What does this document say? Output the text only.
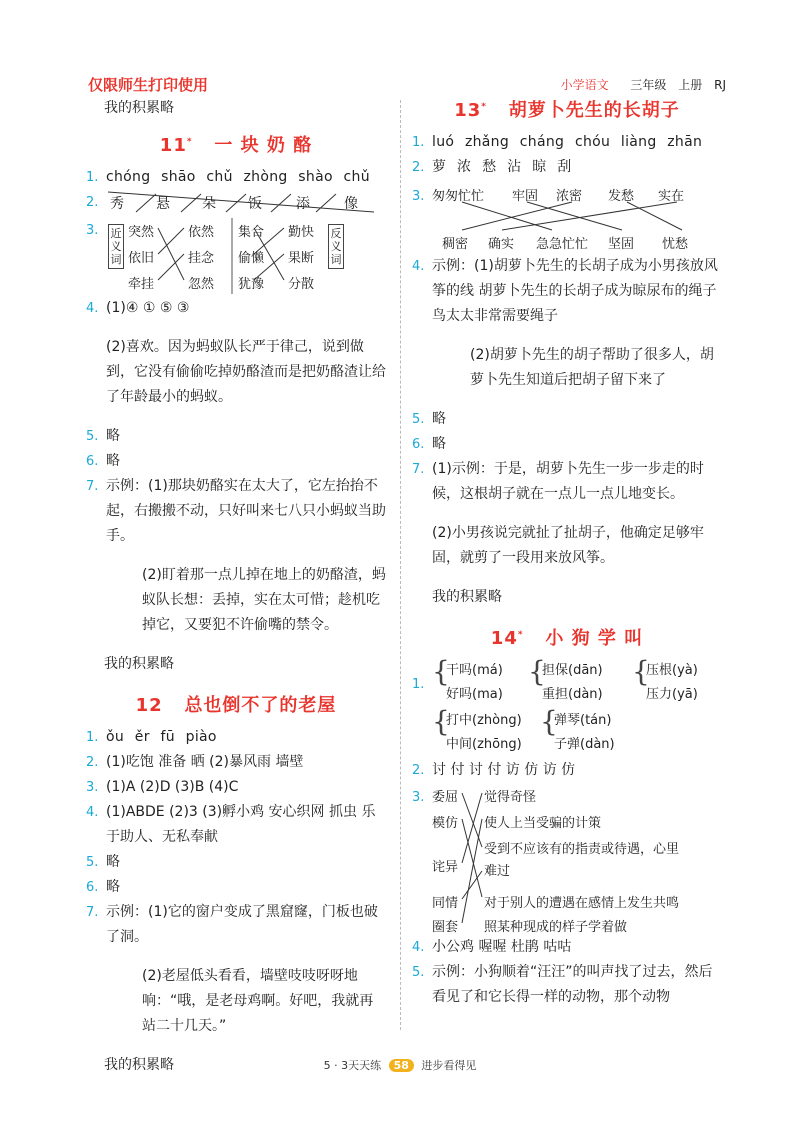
仅限师生打印使用	小学语文 三年级 上册 RJ
我的积累略
11* 一 块 奶 酪

1. chóng shāo chǔ zhòng shào chǔ

2. 秀 悬 朵 饭 添 像
3. 近义词
反义词
突然
依旧
牵挂
依然
挂念
忽然
集合
偷懒
犹豫
勤快
果断
分散

4. (1)④ ① ⑤ ③

(2)喜欢。因为蚂蚁队长严于律己，说到做到，它没有偷偷吃掉奶酪渣而是把奶酪渣让给了年龄最小的蚂蚁。

5. 略

6. 略

7. 示例：(1)那块奶酪实在太大了，它左抬抬不起，右搬搬不动，只好叫来七八只小蚂蚁当助手。

(2)盯着那一点儿掉在地上的奶酪渣，蚂蚁队长想：丢掉，实在太可惜；趁机吃掉它，又要犯不许偷嘴的禁令。

我的积累略

12 总也倒不了的老屋

1. ǒu ěr fū piào

2. (1)吃饱 准备 晒 (2)暴风雨 墙壁

3. (1)A (2)D (3)B (4)C

4. (1)ABDE (2)3 (3)孵小鸡 安心织网 抓虫 乐于助人、无私奉献

5. 略

6. 略

7. 示例：(1)它的窗户变成了黑窟窿，门板也破了洞。

(2)老屋低头看看，墙壁吱吱呀呀地响：“哦，是老母鸡啊。好吧，我就再站二十几天。”

我的积累略

13* 胡萝卜先生的长胡子

1. luó zhǎng cháng chóu liàng zhān

2. 萝 浓 愁 沾 晾 刮

3. 匆匆忙忙 牢固 浓密 发愁 实在
稠密 确实 急急忙忙 坚固 忧愁

4. 示例：(1)胡萝卜先生的长胡子成为小男孩放风筝的线 胡萝卜先生的长胡子成为晾尿布的绳子 鸟太太非常需要绳子

(2)胡萝卜先生的胡子帮助了很多人，胡萝卜先生知道后把胡子留下来了

5. 略

6. 略

7. (1)示例：于是，胡萝卜先生一步一步走的时候，这根胡子就在一点儿一点儿地变长。

(2)小男孩说完就扯了扯胡子，他确定足够牢固，就剪了一段用来放风筝。

我的积累略

14* 小 狗 学 叫
1. {
干吗(má)
好吗(ma)
{
担保(dān)
重担(dàn)
{
压根(yà)
压力(yā)
{
打中(zhòng)
中间(zhōng)
{
弹琴(tán)
子弹(dàn)

2. 讨 付 讨 付 访 仿 访 仿

3. 委屈
模仿
诧异
同情
圈套
觉得奇怪
使人上当受骗的计策
受到不应该有的指责或待遇，心里难过
对于别人的遭遇在感情上发生共鸣
照某种现成的样子学着做

4. 小公鸡 喔喔 杜鹃 咕咕

5. 示例：小狗顺着“汪汪”的叫声找了过去，然后看见了和它长得一样的动物，那个动物

5 · 3天天练 58 进步看得见
